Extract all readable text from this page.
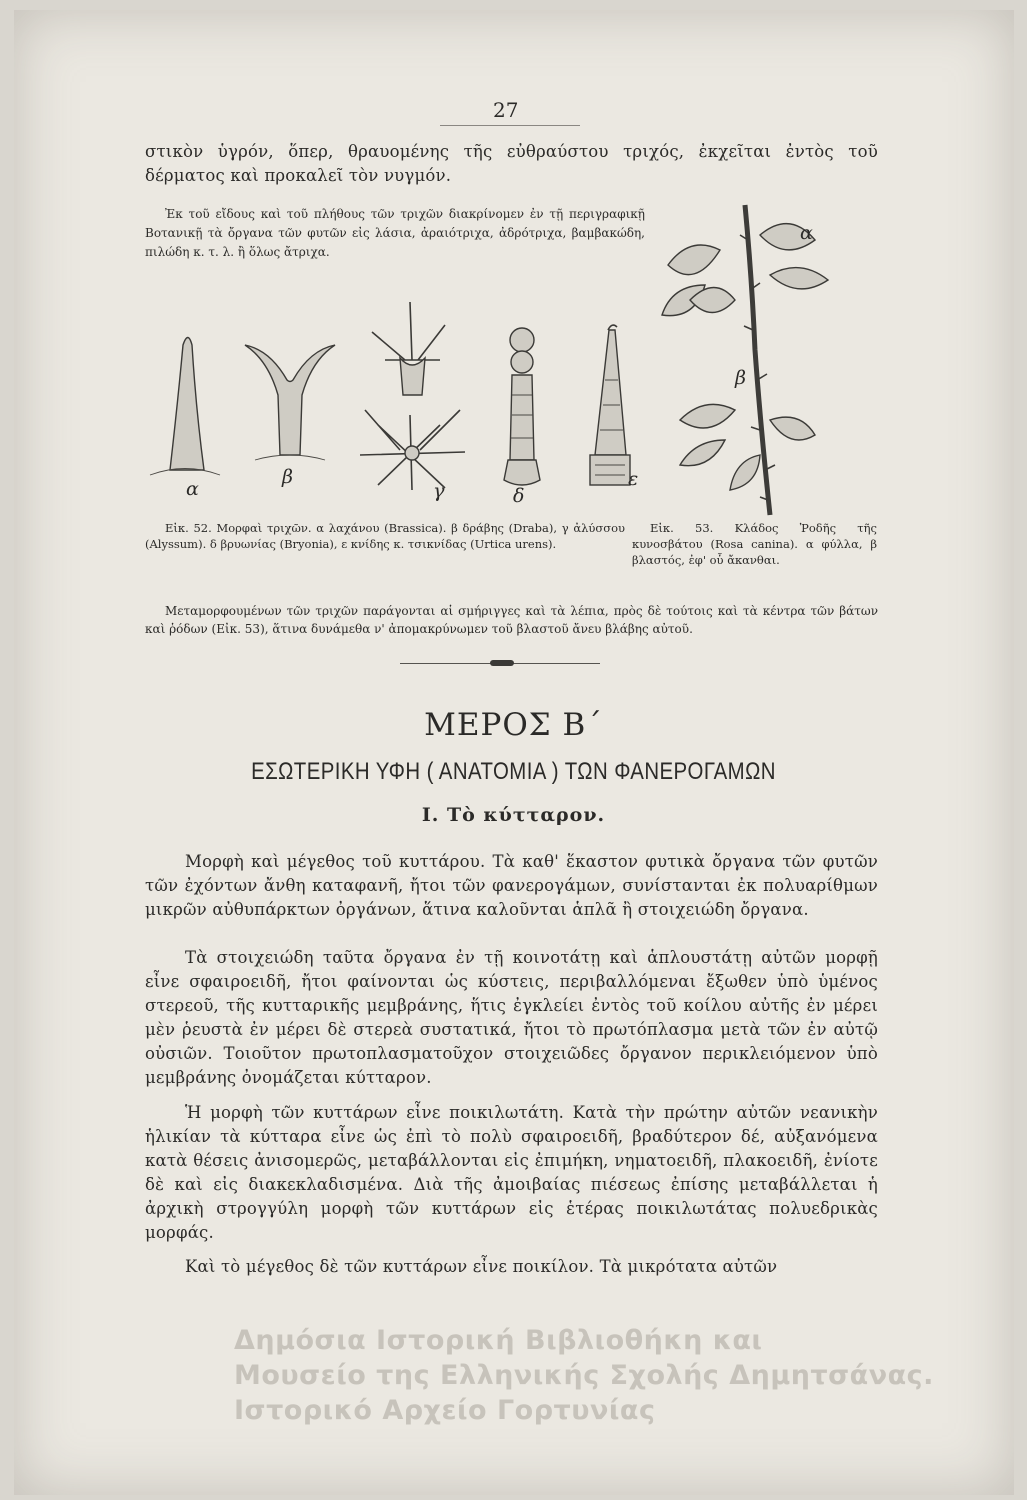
27

στικὸν ὑγρόν, ὅπερ, θραυομένης τῆς εὐθραύστου τριχός, ἐκχεῖται ἐντὸς τοῦ δέρματος καὶ προκαλεῖ τὸν νυγμόν.

Ἐκ τοῦ εἴδους καὶ τοῦ πλήθους τῶν τριχῶν διακρίνομεν ἐν τῇ περιγραφικῇ Βοτανικῇ τὰ ὄργανα τῶν φυτῶν εἰς λάσια, ἀραιότριχα, ἀδρότριχα, βαμβακώδη, πιλώδη κ. τ. λ. ἢ ὅλως ἄτριχα.

α
β
γ	δ
ε

Εἰκ. 52. Μορφαὶ τριχῶν. α λαχάνου (Brassica). β δράβης (Draba), γ ἀλύσσου (Alyssum). δ βρυωνίας (Bryonia), ε κνίδης κ. τσικνίδας (Urtica urens).

α
β

Εἰκ. 53. Κλάδος Ῥοδῆς τῆς κυνοσβάτου (Rosa canina). α φύλλα, β βλαστός, ἐφ' οὗ ἄκανθαι.

Μεταμορφουμένων τῶν τριχῶν παράγονται αἱ σμήριγγες καὶ τὰ λέπια, πρὸς δὲ τούτοις καὶ τὰ κέντρα τῶν βάτων καὶ ῥόδων (Εἰκ. 53), ἅτινα δυνάμεθα ν' ἀπομακρύνωμεν τοῦ βλαστοῦ ἄνευ βλάβης αὐτοῦ.

ΜΕΡΟΣ Β΄
ΕΣΩΤΕΡΙΚΗ ΥΦΗ ( ΑΝΑΤΟΜΙΑ ) ΤΩΝ ΦΑΝΕΡΟΓΑΜΩΝ
Ι. Τὸ κύτταρον.

Μορφὴ καὶ μέγεθος τοῦ κυττάρου. Τὰ καθ' ἕκαστον φυτικὰ ὄργανα τῶν φυτῶν τῶν ἐχόντων ἄνθη καταφανῆ, ἤτοι τῶν φανερογάμων, συνίστανται ἐκ πολυαρίθμων μικρῶν αὐθυπάρκτων ὀργάνων, ἅτινα καλοῦνται ἁπλᾶ ἢ στοιχειώδη ὄργανα.

Τὰ στοιχειώδη ταῦτα ὄργανα ἐν τῇ κοινοτάτῃ καὶ ἁπλουστάτῃ αὐτῶν μορφῇ εἶνε σφαιροειδῆ, ἤτοι φαίνονται ὡς κύστεις, περιβαλλόμεναι ἔξωθεν ὑπὸ ὑμένος στερεοῦ, τῆς κυτταρικῆς μεμβράνης, ἥτις ἐγκλείει ἐντὸς τοῦ κοίλου αὐτῆς ἐν μέρει μὲν ῥευστὰ ἐν μέρει δὲ στερεὰ συστατικά, ἤτοι τὸ πρωτόπλασμα μετὰ τῶν ἐν αὐτῷ οὐσιῶν. Τοιοῦτον πρωτοπλασματοῦχον στοιχειῶδες ὄργανον περικλειόμενον ὑπὸ μεμβράνης ὀνομάζεται κύτταρον.

Ἡ μορφὴ τῶν κυττάρων εἶνε ποικιλωτάτη. Κατὰ τὴν πρώτην αὐτῶν νεανικὴν ἡλικίαν τὰ κύτταρα εἶνε ὡς ἐπὶ τὸ πολὺ σφαιροειδῆ, βραδύτερον δέ, αὐξανόμενα κατὰ θέσεις ἀνισομερῶς, μεταβάλλονται εἰς ἐπιμήκη, νηματοειδῆ, πλακοειδῆ, ἐνίοτε δὲ καὶ εἰς διακεκλαδισμένα. Διὰ τῆς ἀμοιβαίας πιέσεως ἐπίσης μεταβάλλεται ἡ ἀρχικὴ στρογγύλη μορφὴ τῶν κυττάρων εἰς ἑτέρας ποικιλωτάτας πολυεδρικὰς μορφάς.

Καὶ τὸ μέγεθος δὲ τῶν κυττάρων εἶνε ποικίλον. Τὰ μικρότατα αὐτῶν

Δημόσια Ιστορική Βιβλιοθήκη και
Μουσείο της Ελληνικής Σχολής Δημητσάνας.
Ιστορικό Αρχείο Γορτυνίας
